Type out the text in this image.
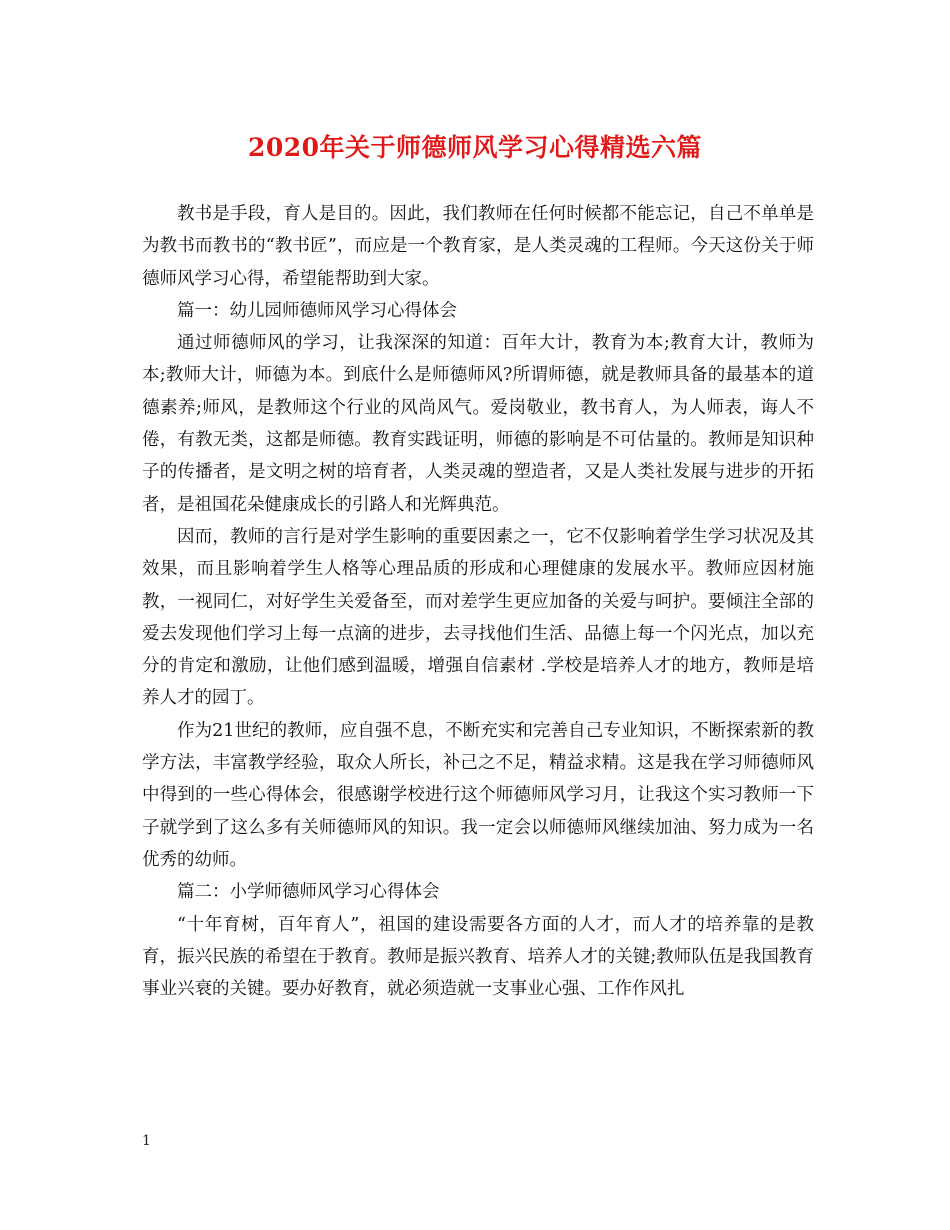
2020年关于师德师风学习心得精选六篇

教书是手段，育人是目的。因此，我们教师在任何时候都不能忘记，自己不单单是为教书而教书的“教书匠”，而应是一个教育家，是人类灵魂的工程师。今天这份关于师德师风学习心得，希望能帮助到大家。

篇一：幼儿园师德师风学习心得体会

通过师德师风的学习，让我深深的知道：百年大计，教育为本;教育大计，教师为本;教师大计，师德为本。到底什么是师德师风?所谓师德，就是教师具备的最基本的道德素养;师风，是教师这个行业的风尚风气。爱岗敬业，教书育人，为人师表，诲人不倦，有教无类，这都是师德。教育实践证明，师德的影响是不可估量的。教师是知识种子的传播者，是文明之树的培育者，人类灵魂的塑造者，又是人类社发展与进步的开拓者，是祖国花朵健康成长的引路人和光辉典范。

因而，教师的言行是对学生影响的重要因素之一，它不仅影响着学生学习状况及其效果，而且影响着学生人格等心理品质的形成和心理健康的发展水平。教师应因材施教，一视同仁，对好学生关爱备至，而对差学生更应加备的关爱与呵护。要倾注全部的爱去发现他们学习上每一点滴的进步，去寻找他们生活、品德上每一个闪光点，加以充分的肯定和激励，让他们感到温暖，增强自信素材 .学校是培养人才的地方，教师是培养人才的园丁。

作为21世纪的教师，应自强不息，不断充实和完善自己专业知识，不断探索新的教学方法，丰富教学经验，取众人所长，补己之不足，精益求精。这是我在学习师德师风中得到的一些心得体会，很感谢学校进行这个师德师风学习月，让我这个实习教师一下子就学到了这么多有关师德师风的知识。我一定会以师德师风继续加油、努力成为一名优秀的幼师。

篇二：小学师德师风学习心得体会

“十年育树，百年育人”，祖国的建设需要各方面的人才，而人才的培养靠的是教育，振兴民族的希望在于教育。教师是振兴教育、培养人才的关键;教师队伍是我国教育事业兴衰的关键。要办好教育，就必须造就一支事业心强、工作作风扎

1
